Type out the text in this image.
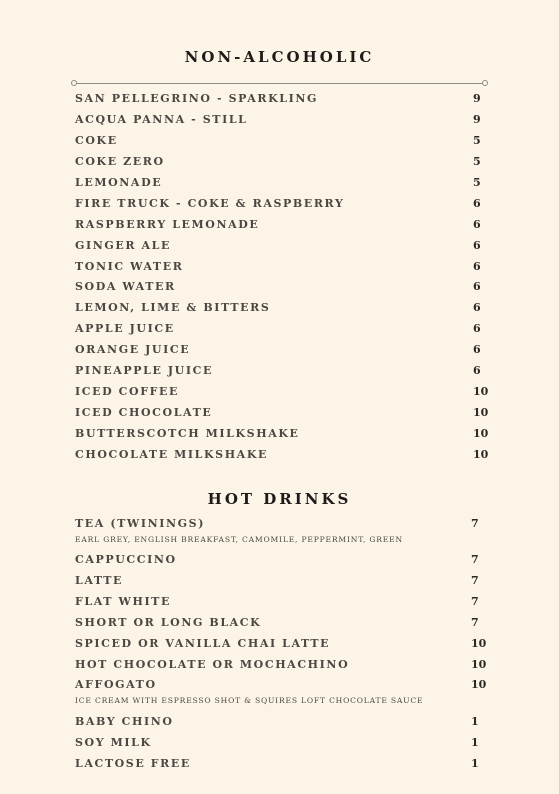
NON-ALCOHOLIC
SAN PELLEGRINO - SPARKLING	9
ACQUA PANNA - STILL	9
COKE	5
COKE ZERO	5
LEMONADE	5
FIRE TRUCK - COKE & RASPBERRY	6
RASPBERRY LEMONADE	6
GINGER ALE	6
TONIC WATER	6
SODA WATER	6
LEMON, LIME & BITTERS	6
APPLE JUICE	6
ORANGE JUICE	6
PINEAPPLE JUICE	6
ICED COFFEE	10
ICED CHOCOLATE	10
BUTTERSCOTCH MILKSHAKE	10
CHOCOLATE MILKSHAKE	10
HOT DRINKS
TEA (TWININGS)	7
EARL GREY, ENGLISH BREAKFAST, CAMOMILE, PEPPERMINT, GREEN
CAPPUCCINO	7
LATTE	7
FLAT WHITE	7
SHORT OR LONG BLACK	7
SPICED OR VANILLA CHAI LATTE	10
HOT CHOCOLATE OR MOCHACHINO	10
AFFOGATO	10
ICE CREAM WITH ESPRESSO SHOT & SQUIRES LOFT CHOCOLATE SAUCE
BABY CHINO	1
SOY MILK	1
LACTOSE FREE	1
